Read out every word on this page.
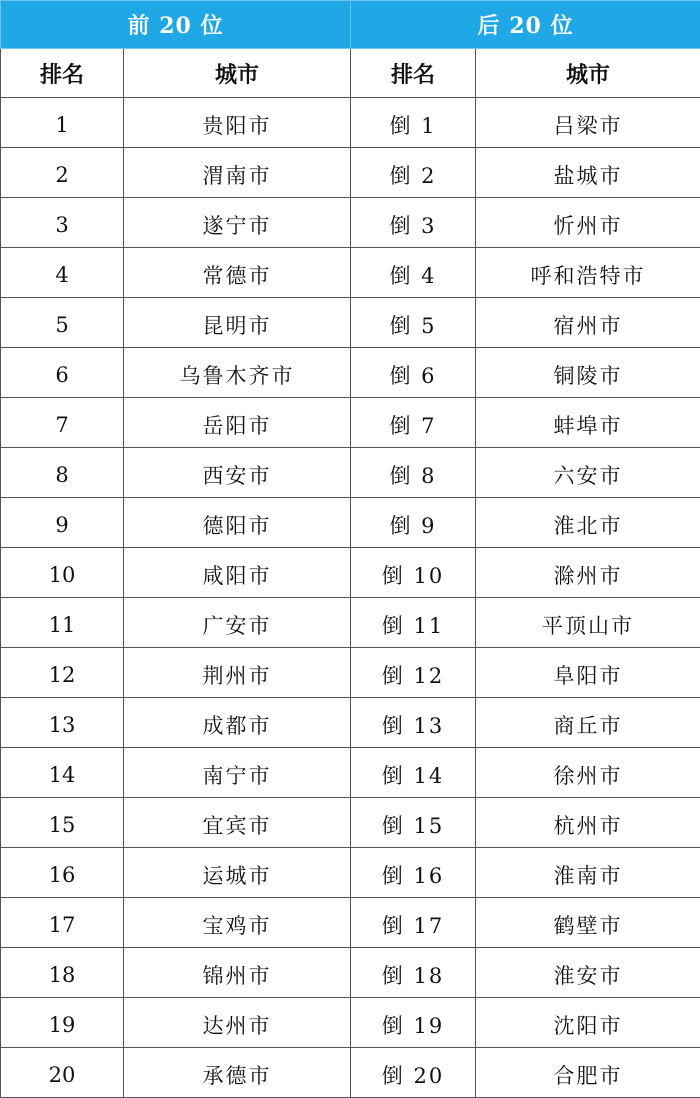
前 20 位		后 20 位	
排名	城市	排名	城市
1	贵阳市	倒 1	吕梁市
2	渭南市	倒 2	盐城市
3	遂宁市	倒 3	忻州市
4	常德市	倒 4	呼和浩特市
5	昆明市	倒 5	宿州市
6	乌鲁木齐市	倒 6	铜陵市
7	岳阳市	倒 7	蚌埠市
8	西安市	倒 8	六安市
9	德阳市	倒 9	淮北市
10	咸阳市	倒 10	滁州市
11	广安市	倒 11	平顶山市
12	荆州市	倒 12	阜阳市
13	成都市	倒 13	商丘市
14	南宁市	倒 14	徐州市
15	宜宾市	倒 15	杭州市
16	运城市	倒 16	淮南市
17	宝鸡市	倒 17	鹤壁市
18	锦州市	倒 18	淮安市
19	达州市	倒 19	沈阳市
20	承德市	倒 20	合肥市
